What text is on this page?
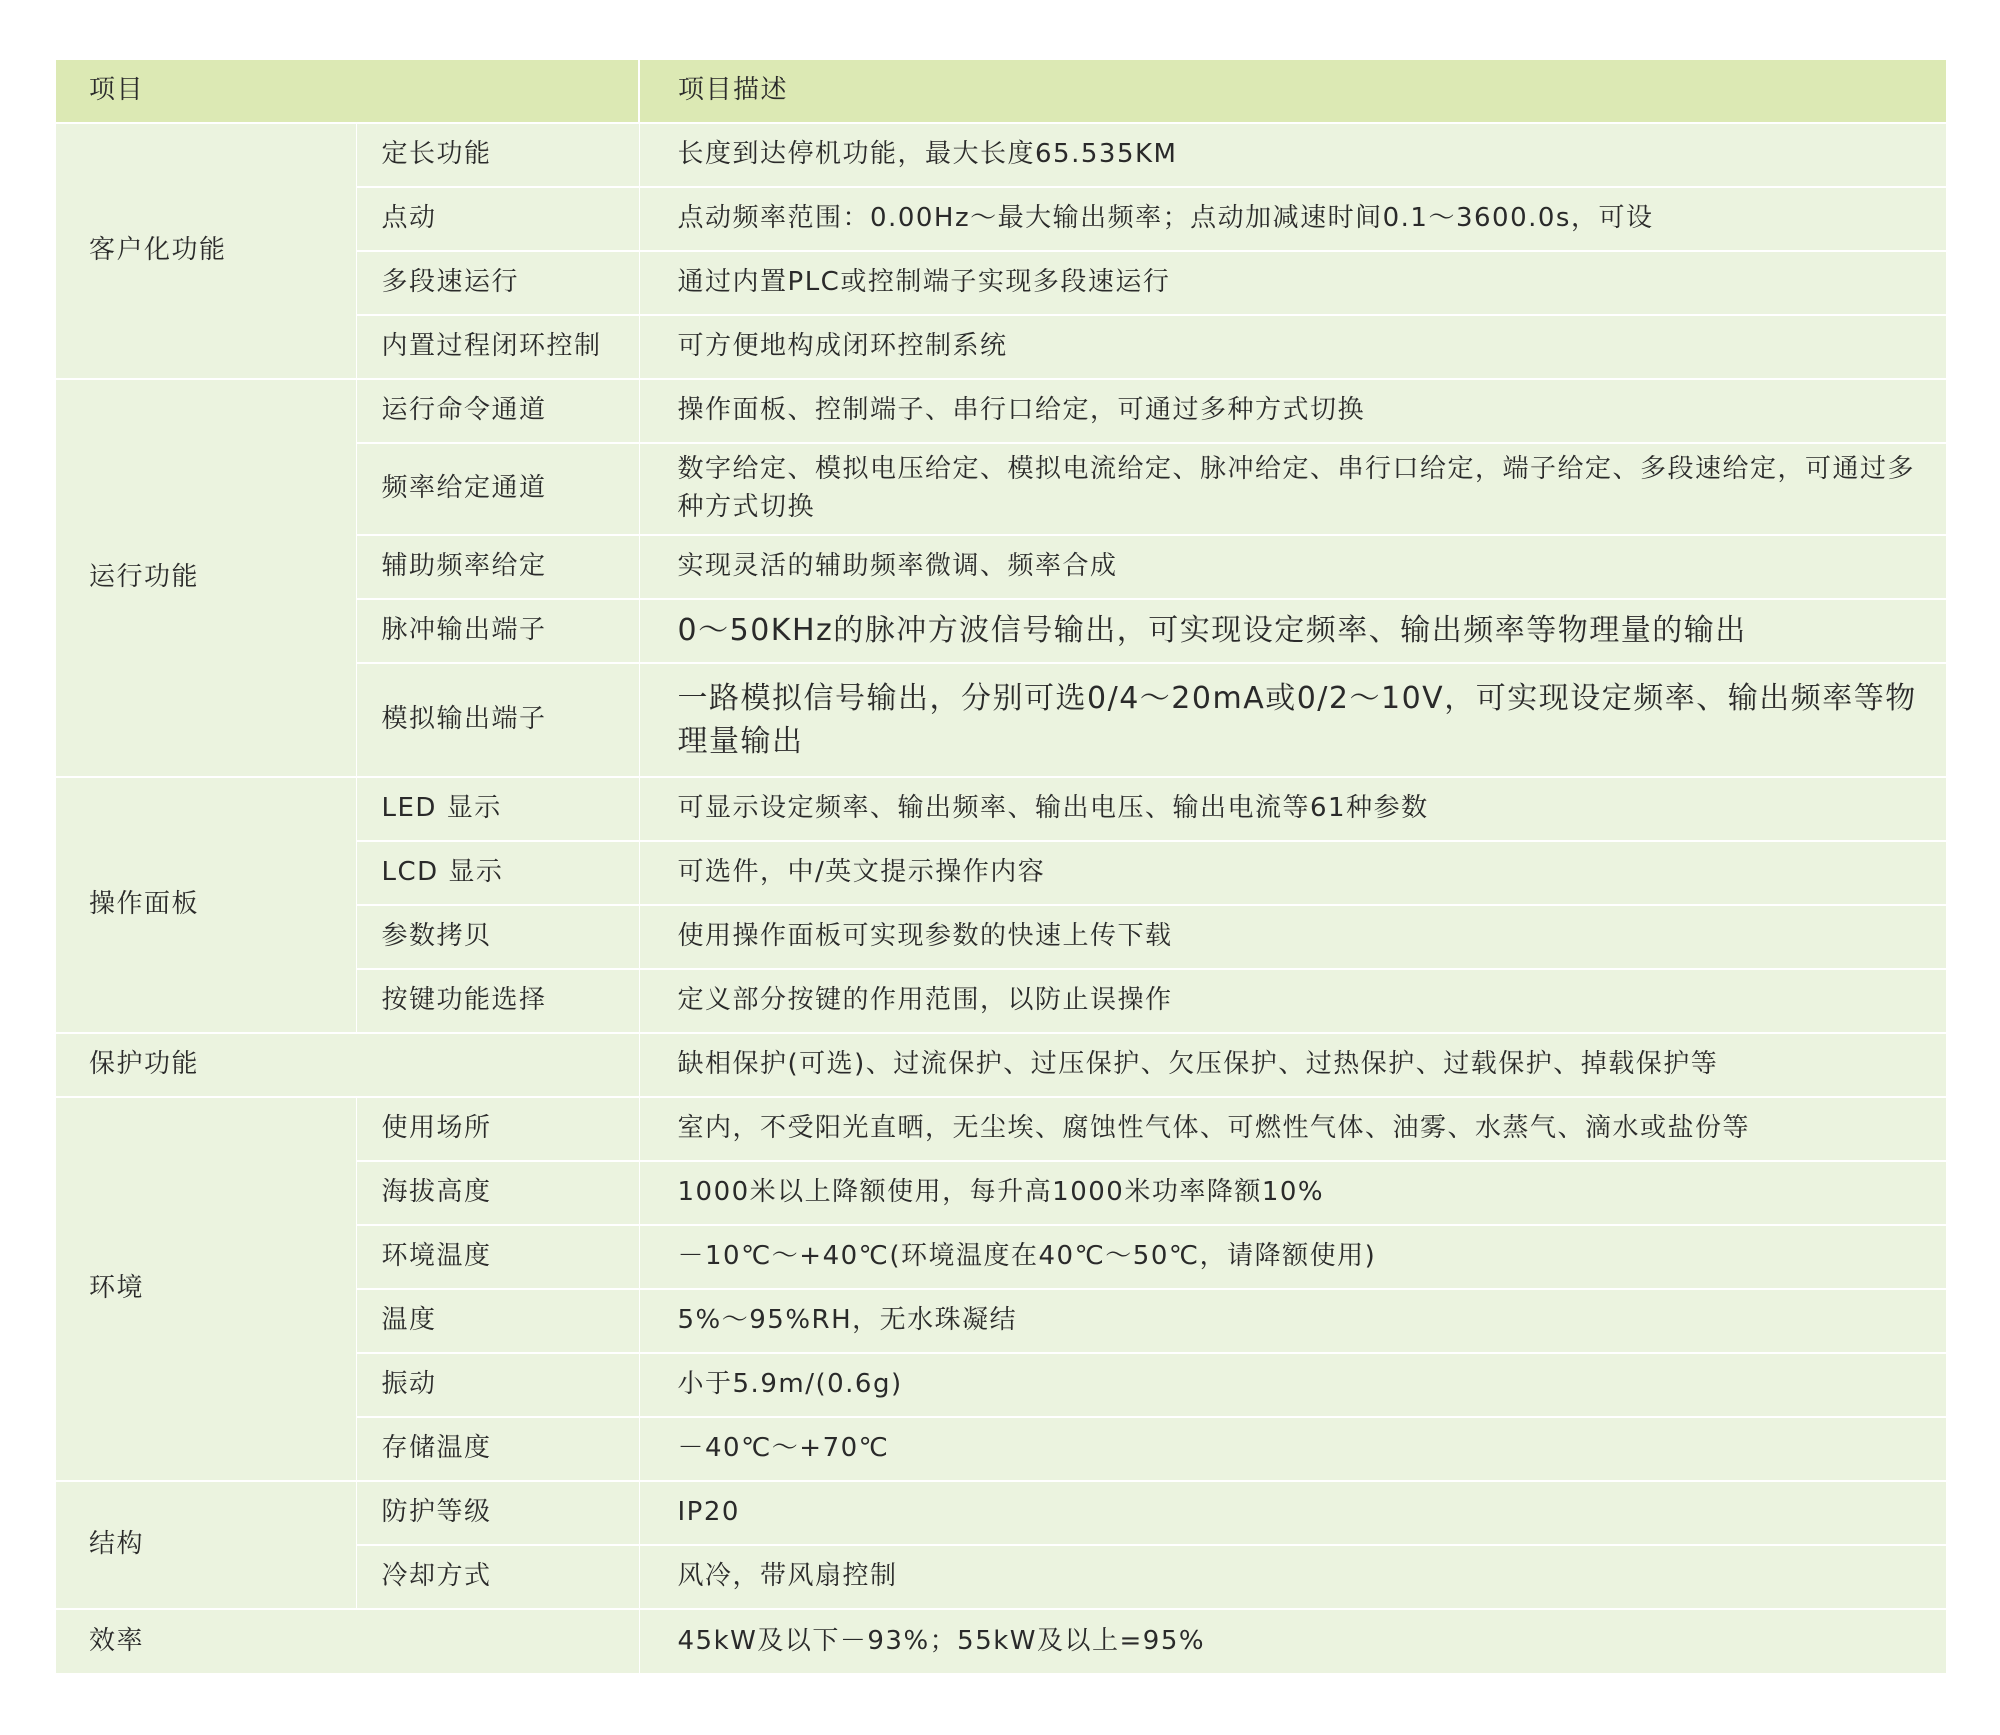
项目		项目描述
客户化功能	定长功能	长度到达停机功能，最大长度65.535KM
	点动	点动频率范围：0.00Hz～最大输出频率；点动加减速时间0.1～3600.0s，可设
	多段速运行	通过内置PLC或控制端子实现多段速运行
	内置过程闭环控制	可方便地构成闭环控制系统
运行功能	运行命令通道	操作面板、控制端子、串行口给定，可通过多种方式切换
	频率给定通道	数字给定、模拟电压给定、模拟电流给定、脉冲给定、串行口给定，端子给定、多段速给定，可通过多种方式切换
	辅助频率给定	实现灵活的辅助频率微调、频率合成
	脉冲输出端子	0～50KHz的脉冲方波信号输出，可实现设定频率、输出频率等物理量的输出
	模拟输出端子	一路模拟信号输出，分别可选0/4～20mA或0/2～10V，可实现设定频率、输出频率等物理量输出
操作面板	LED 显示	可显示设定频率、输出频率、输出电压、输出电流等61种参数
	LCD 显示	可选件，中/英文提示操作内容
	参数拷贝	使用操作面板可实现参数的快速上传下载
	按键功能选择	定义部分按键的作用范围，以防止误操作
保护功能		缺相保护(可选)、过流保护、过压保护、欠压保护、过热保护、过载保护、掉载保护等
环境	使用场所	室内，不受阳光直晒，无尘埃、腐蚀性气体、可燃性气体、油雾、水蒸气、滴水或盐份等
	海拔高度	1000米以上降额使用，每升高1000米功率降额10%
	环境温度	－10℃～+40℃(环境温度在40℃～50℃，请降额使用)
	温度	5%～95%RH，无水珠凝结
	振动	小于5.9m/(0.6g)
	存储温度	－40℃～+70℃
结构	防护等级	IP20
	冷却方式	风冷，带风扇控制
效率		45kW及以下－93%；55kW及以上=95%
